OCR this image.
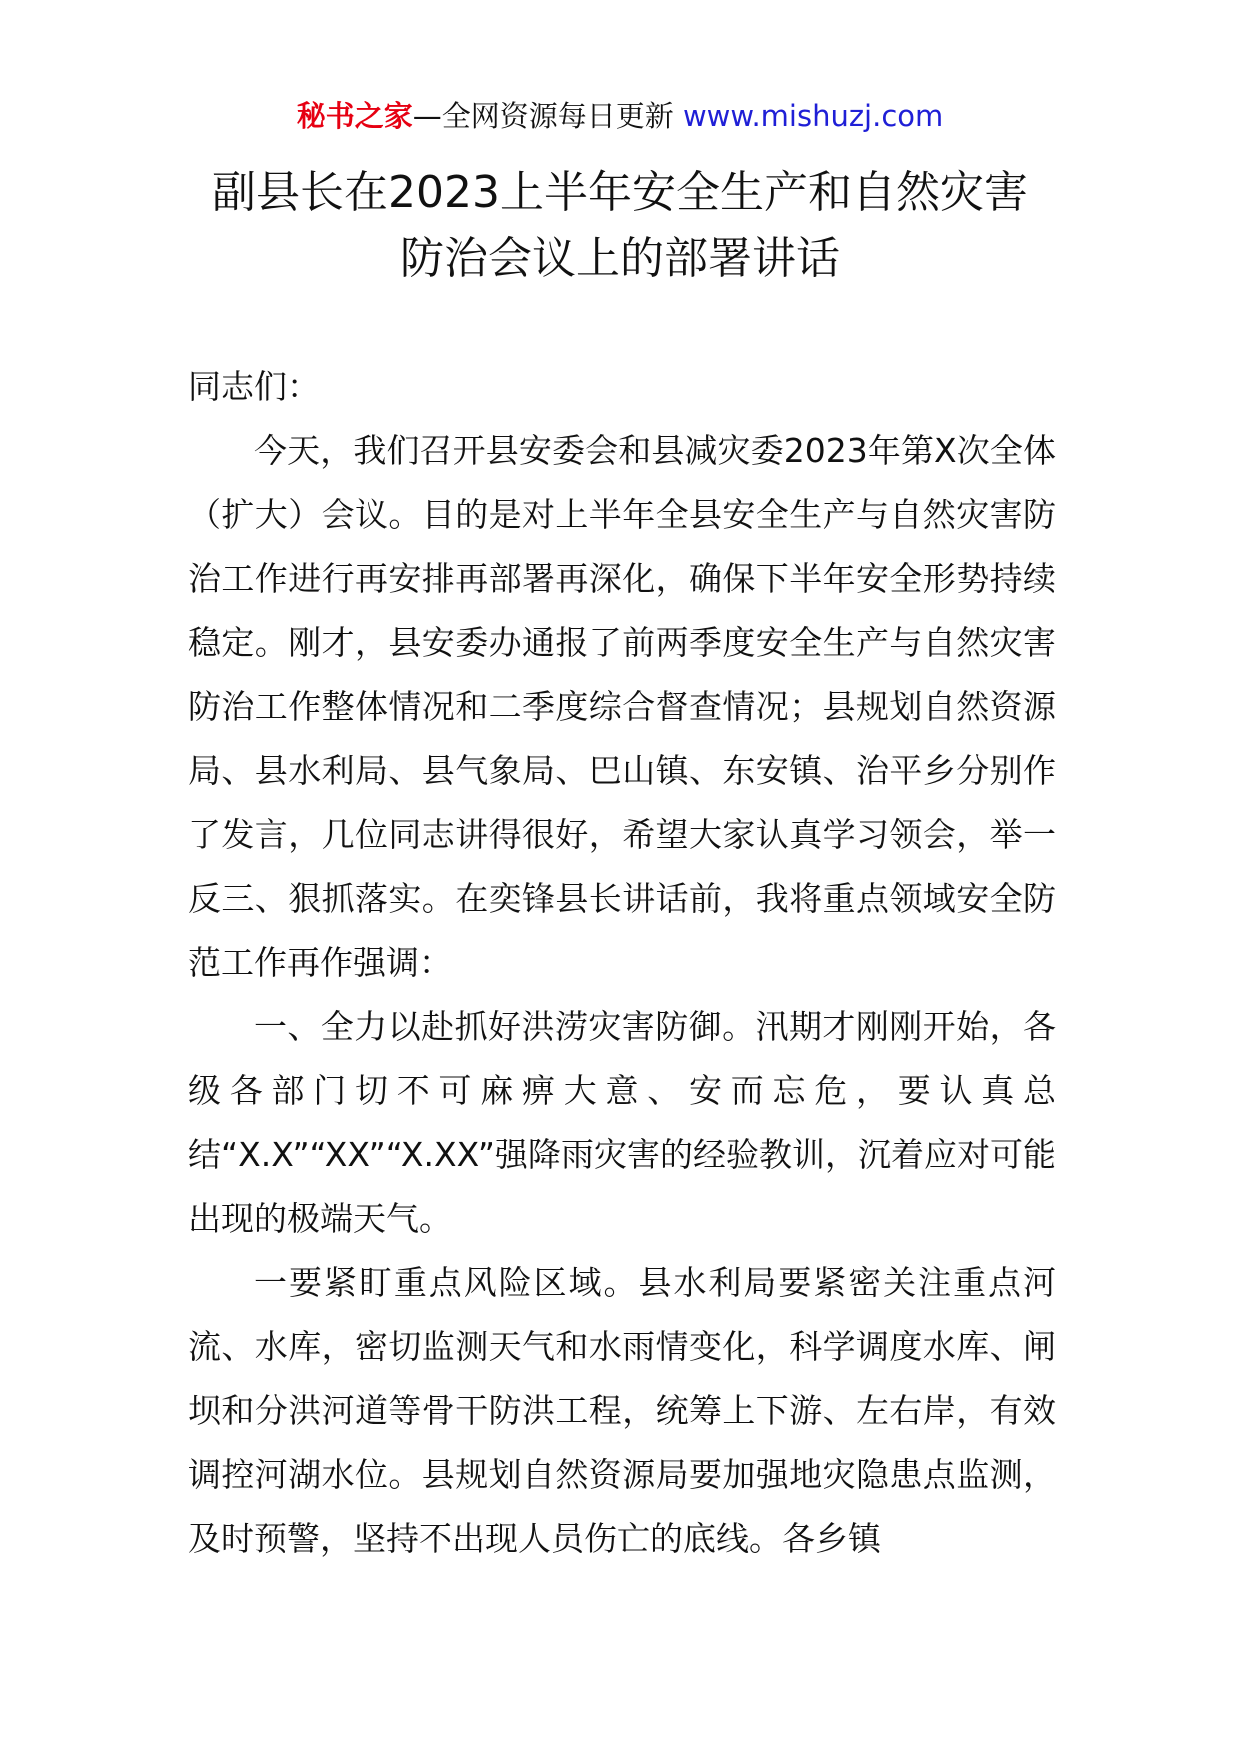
秘书之家—全网资源每日更新 www.mishuzj.com
副县长在2023上半年安全生产和自然灾害
防治会议上的部署讲话

同志们：

今天，我们召开县安委会和县减灾委2023年第X次全体（扩大）会议。目的是对上半年全县安全生产与自然灾害防治工作进行再安排再部署再深化，确保下半年安全形势持续稳定。刚才，县安委办通报了前两季度安全生产与自然灾害防治工作整体情况和二季度综合督查情况；县规划自然资源局、县水利局、县气象局、巴山镇、东安镇、治平乡分别作了发言，几位同志讲得很好，希望大家认真学习领会，举一反三、狠抓落实。在奕锋县长讲话前，我将重点领域安全防范工作再作强调：

一、全力以赴抓好洪涝灾害防御。汛期才刚刚开始，各级各部门切不可麻痹大意、安而忘危，要认真总结“X.X”“XX”“X.XX”强降雨灾害的经验教训，沉着应对可能出现的极端天气。

一要紧盯重点风险区域。县水利局要紧密关注重点河流、水库，密切监测天气和水雨情变化，科学调度水库、闸坝和分洪河道等骨干防洪工程，统筹上下游、左右岸，有效调控河湖水位。县规划自然资源局要加强地灾隐患点监测，及时预警，坚持不出现人员伤亡的底线。各乡镇
